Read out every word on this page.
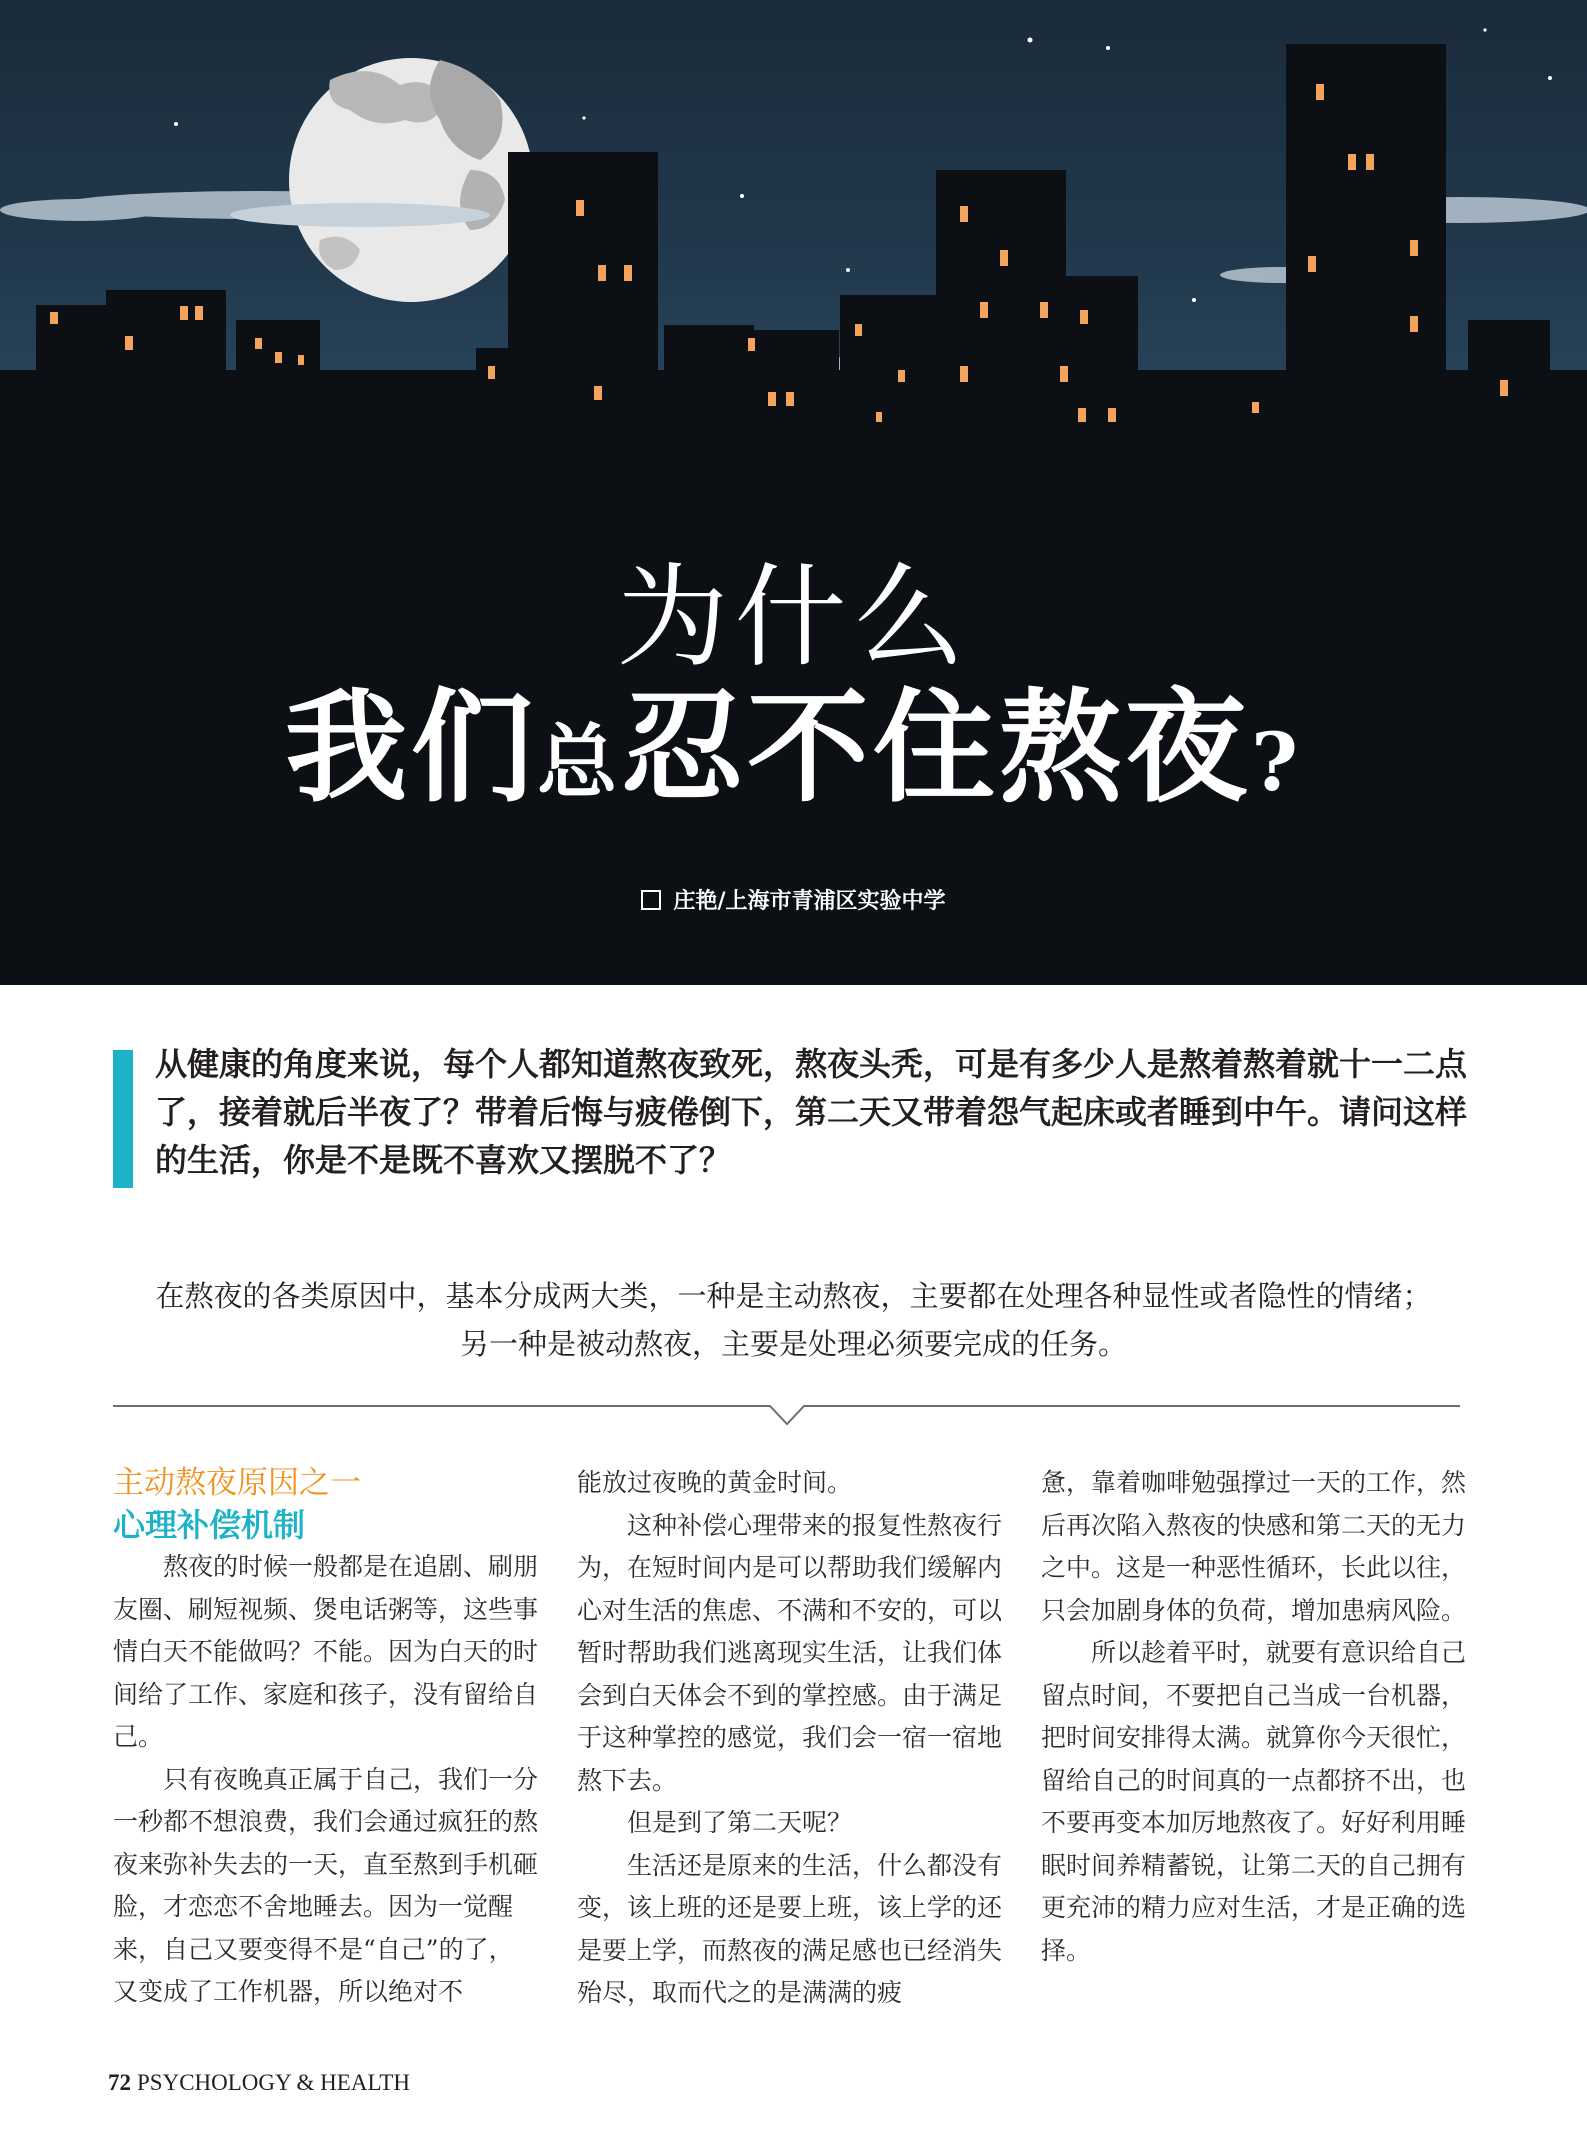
为什么
我们总忍不住熬夜?
庄艳/上海市青浦区实验中学
从健康的角度来说，每个人都知道熬夜致死，熬夜头秃，可是有多少人是熬着熬着就十一二点了，接着就后半夜了？带着后悔与疲倦倒下，第二天又带着怨气起床或者睡到中午。请问这样的生活，你是不是既不喜欢又摆脱不了？
在熬夜的各类原因中，基本分成两大类，一种是主动熬夜，主要都在处理各种显性或者隐性的情绪；
另一种是被动熬夜，主要是处理必须要完成的任务。
主动熬夜原因之一
心理补偿机制

熬夜的时候一般都是在追剧、刷朋友圈、刷短视频、煲电话粥等，这些事情白天不能做吗？不能。因为白天的时间给了工作、家庭和孩子，没有留给自己。

只有夜晚真正属于自己，我们一分一秒都不想浪费，我们会通过疯狂的熬夜来弥补失去的一天，直至熬到手机砸脸，才恋恋不舍地睡去。因为一觉醒来，自己又要变得不是“自己”的了，又变成了工作机器，所以绝对不

能放过夜晚的黄金时间。

这种补偿心理带来的报复性熬夜行为，在短时间内是可以帮助我们缓解内心对生活的焦虑、不满和不安的，可以暂时帮助我们逃离现实生活，让我们体会到白天体会不到的掌控感。由于满足于这种掌控的感觉，我们会一宿一宿地熬下去。

但是到了第二天呢？

生活还是原来的生活，什么都没有变，该上班的还是要上班，该上学的还是要上学，而熬夜的满足感也已经消失殆尽，取而代之的是满满的疲

惫，靠着咖啡勉强撑过一天的工作，然后再次陷入熬夜的快感和第二天的无力之中。这是一种恶性循环，长此以往，只会加剧身体的负荷，增加患病风险。

所以趁着平时，就要有意识给自己留点时间，不要把自己当成一台机器，把时间安排得太满。就算你今天很忙，留给自己的时间真的一点都挤不出，也不要再变本加厉地熬夜了。好好利用睡眠时间养精蓄锐，让第二天的自己拥有更充沛的精力应对生活，才是正确的选择。

72 PSYCHOLOGY & HEALTH
